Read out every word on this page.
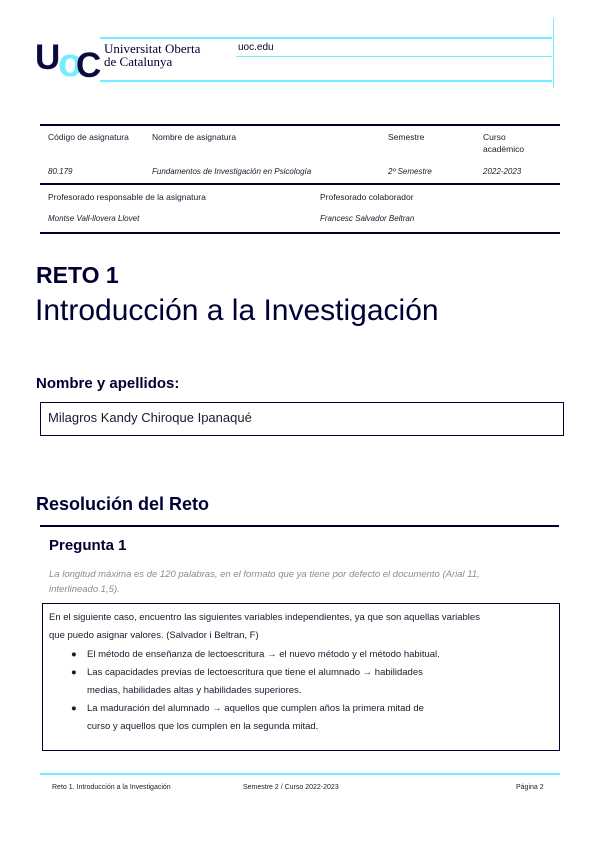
U
o
C Universitat Oberta
de Catalunya
uoc.edu
Código de asignatura	Nombre de asignatura	Semestre	Curso
académico
80.179	Fundamentos de Investigación en Psicología	2º Semestre	2022-2023
Profesorado responsable de la asignatura	Profesorado colaborador
Montse Vall-llovera Llovet	Francesc Salvador Beltran
RETO 1
Introducción a la Investigación
Nombre y apellidos:
Milagros Kandy Chiroque Ipanaqué
Resolución del Reto
Pregunta 1
La longitud máxima es de 120 palabras, en el formato que ya tiene por defecto el documento (Arial 11,
interlineado 1,5).
En el siguiente caso, encuentro las siguientes variables independientes, ya que son aquellas variables
que puedo asignar valores. (Salvador i Beltran, F)
● El método de enseñanza de lectoescritura → el nuevo método y el método habitual.
● Las capacidades previas de lectoescritura que tiene el alumnado → habilidades
medias, habilidades altas y habilidades superiores.
● La maduración del alumnado → aquellos que cumplen años la primera mitad de
curso y aquellos que los cumplen en la segunda mitad.
Reto 1. Introducción a la Investigación	Semestre 2 / Curso 2022-2023	Página 2
